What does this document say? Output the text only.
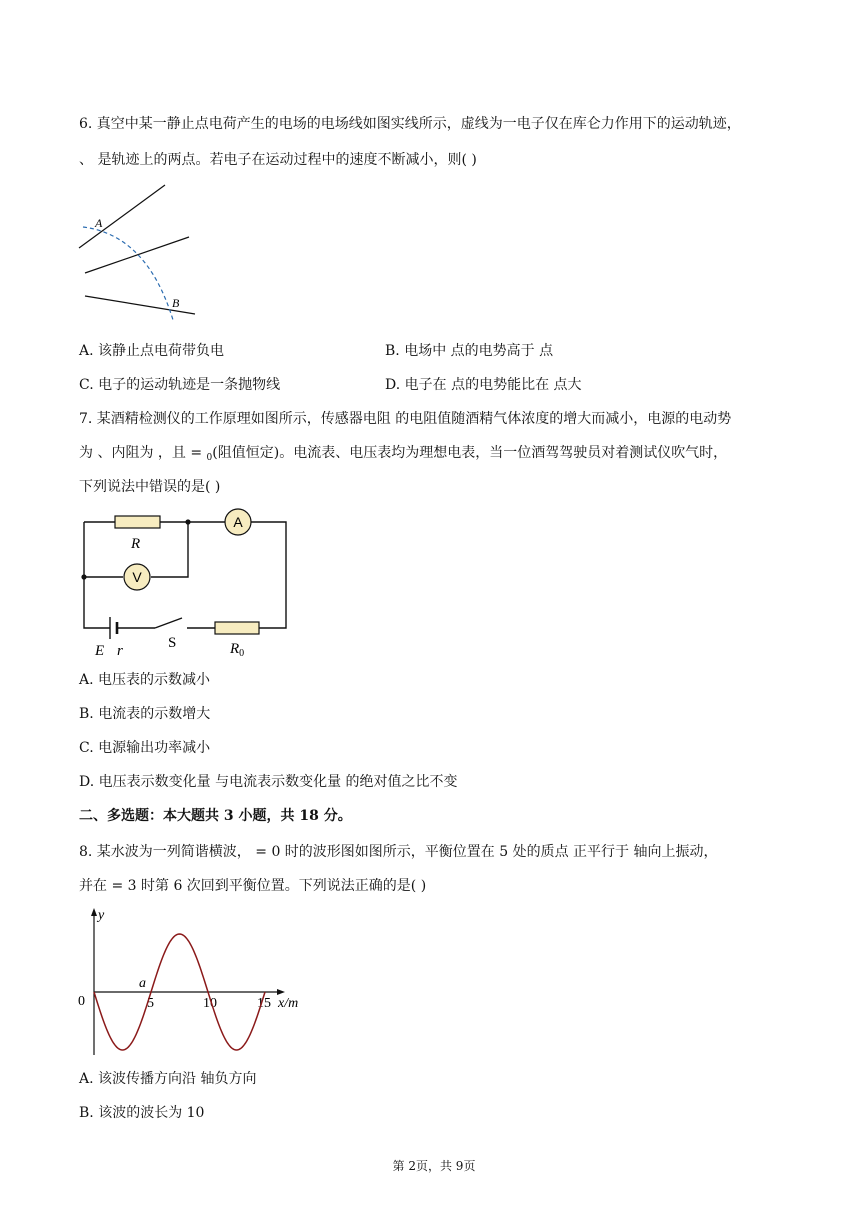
6. 真空中某一静止点电荷产生的电场的电场线如图实线所示，虚线为一电子仅在库仑力作用下的运动轨迹，
、 是轨迹上的两点。若电子在运动过程中的速度不断减小，则( )
A
B
A. 该静止点电荷带负电	B. 电场中 点的电势高于 点
C. 电子的运动轨迹是一条抛物线	D. 电子在 点的电势能比在 点大
7. 某酒精检测仪的工作原理如图所示，传感器电阻 的电阻值随酒精气体浓度的增大而减小，电源的电动势
为 、内阻为 ，且 = $_0$(阻值恒定)。电流表、电压表均为理想电表，当一位酒驾驾驶员对着测试仪吹气时，
下列说法中错误的是( )
R
A
V
E r	S	$R_0$
A. 电压表的示数减小
B. 电流表的示数增大
C. 电源输出功率减小
D. 电压表示数变化量 与电流表示数变化量 的绝对值之比不变
二、多选题：本大题共 3 小题，共 18 分。
8. 某水波为一列简谐横波， = 0 时的波形图如图所示，平衡位置在 5 处的质点 正平行于 轴向上振动，
并在 = 3 时第 6 次回到平衡位置。下列说法正确的是( )
y
0	5	10	15 x/m
a
A. 该波传播方向沿 轴负方向
B. 该波的波长为 10
第 2页，共 9页
